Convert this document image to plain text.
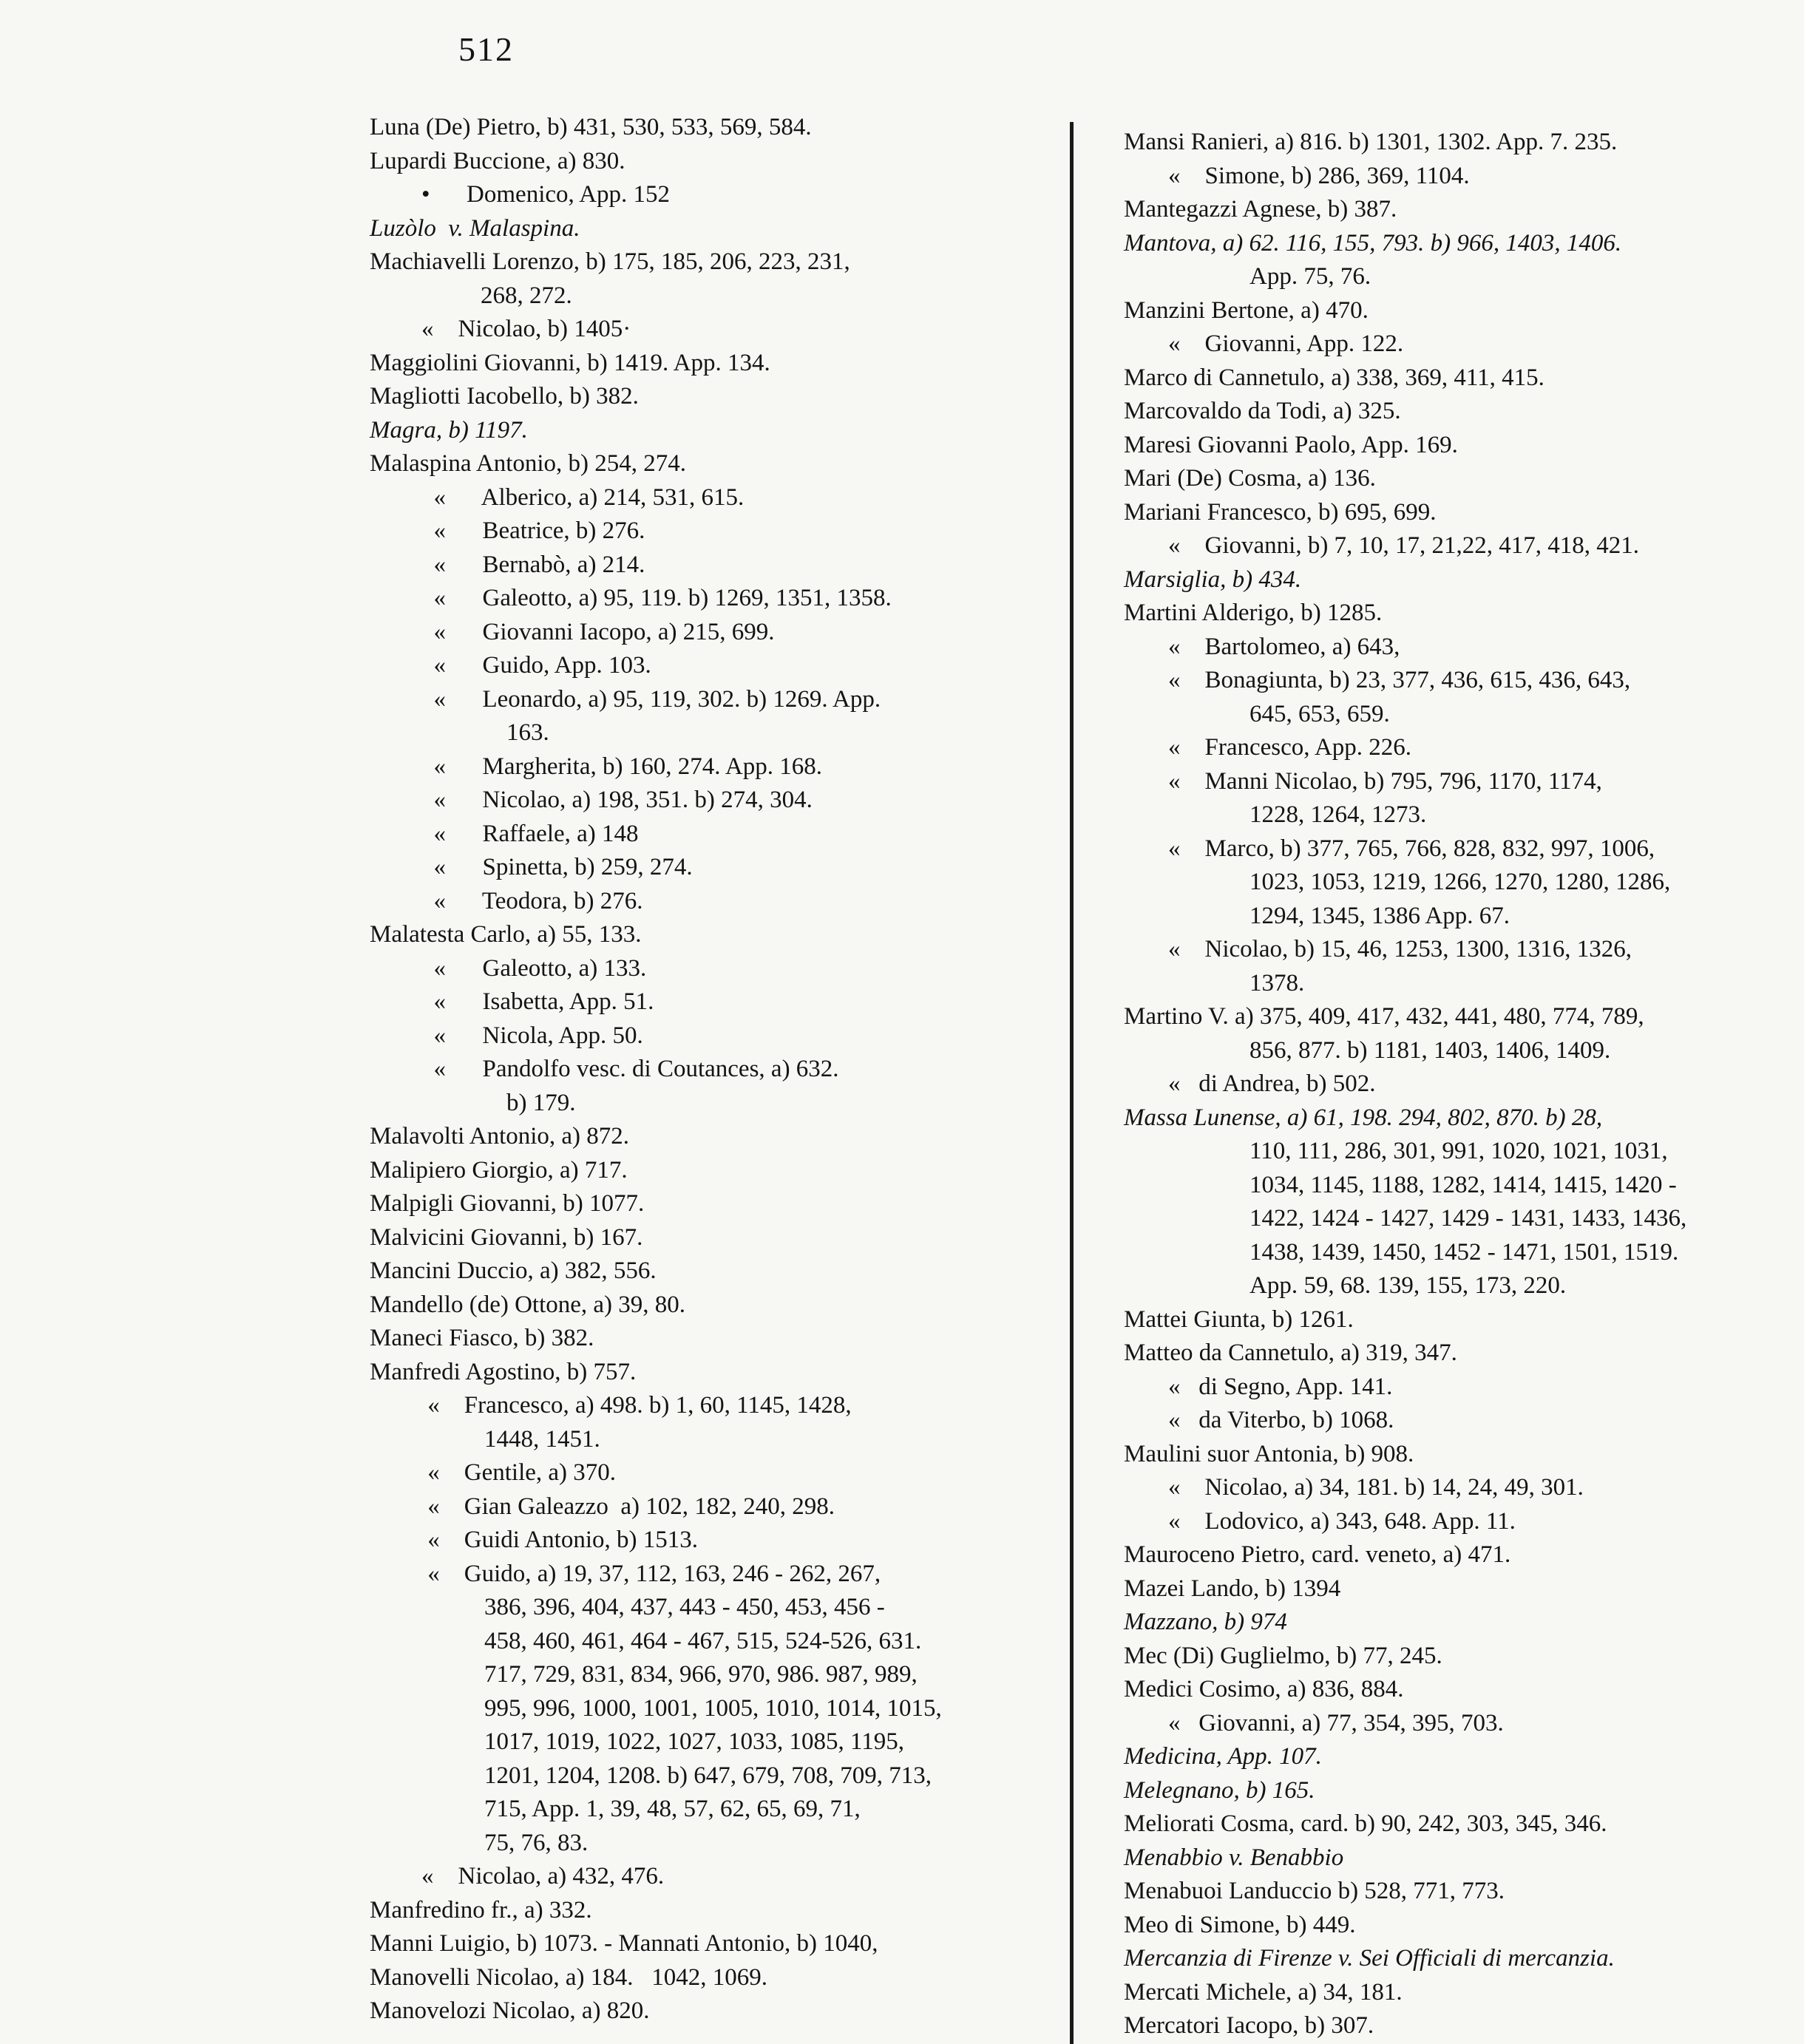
512
Luna (De) Pietro, b) 431, 530, 533, 569, 584.
Lupardi Buccione, a) 830.
•      Domenico, App. 152
Luzòlo  v. Malaspina.
Machiavelli Lorenzo, b) 175, 185, 206, 223, 231,
268, 272.
«    Nicolao, b) 1405·
Maggiolini Giovanni, b) 1419. App. 134.
Magliotti Iacobello, b) 382.
Magra, b) 1197.
Malaspina Antonio, b) 254, 274.
«      Alberico, a) 214, 531, 615.
«      Beatrice, b) 276.
«      Bernabò, a) 214.
«      Galeotto, a) 95, 119. b) 1269, 1351, 1358.
«      Giovanni Iacopo, a) 215, 699.
«      Guido, App. 103.
«      Leonardo, a) 95, 119, 302. b) 1269. App.
163.
«      Margherita, b) 160, 274. App. 168.
«      Nicolao, a) 198, 351. b) 274, 304.
«      Raffaele, a) 148
«      Spinetta, b) 259, 274.
«      Teodora, b) 276.
Malatesta Carlo, a) 55, 133.
«      Galeotto, a) 133.
«      Isabetta, App. 51.
«      Nicola, App. 50.
«      Pandolfo vesc. di Coutances, a) 632.
b) 179.
Malavolti Antonio, a) 872.
Malipiero Giorgio, a) 717.
Malpigli Giovanni, b) 1077.
Malvicini Giovanni, b) 167.
Mancini Duccio, a) 382, 556.
Mandello (de) Ottone, a) 39, 80.
Maneci Fiasco, b) 382.
Manfredi Agostino, b) 757.
«    Francesco, a) 498. b) 1, 60, 1145, 1428,
1448, 1451.
«    Gentile, a) 370.
«    Gian Galeazzo  a) 102, 182, 240, 298.
«    Guidi Antonio, b) 1513.
«    Guido, a) 19, 37, 112, 163, 246 - 262, 267,
386, 396, 404, 437, 443 - 450, 453, 456 -
458, 460, 461, 464 - 467, 515, 524-526, 631.
717, 729, 831, 834, 966, 970, 986. 987, 989,
995, 996, 1000, 1001, 1005, 1010, 1014, 1015,
1017, 1019, 1022, 1027, 1033, 1085, 1195,
1201, 1204, 1208. b) 647, 679, 708, 709, 713,
715, App. 1, 39, 48, 57, 62, 65, 69, 71,
75, 76, 83.
«    Nicolao, a) 432, 476.
Manfredino fr., a) 332.
Manni Luigio, b) 1073. - Mannati Antonio, b) 1040,
Manovelli Nicolao, a) 184.   1042, 1069.
Manovelozi Nicolao, a) 820.
Mansi Ranieri, a) 816. b) 1301, 1302. App. 7. 235.
«    Simone, b) 286, 369, 1104.
Mantegazzi Agnese, b) 387.
Mantova, a) 62. 116, 155, 793. b) 966, 1403, 1406.
App. 75, 76.
Manzini Bertone, a) 470.
«    Giovanni, App. 122.
Marco di Cannetulo, a) 338, 369, 411, 415.
Marcovaldo da Todi, a) 325.
Maresi Giovanni Paolo, App. 169.
Mari (De) Cosma, a) 136.
Mariani Francesco, b) 695, 699.
«    Giovanni, b) 7, 10, 17, 21,22, 417, 418, 421.
Marsiglia, b) 434.
Martini Alderigo, b) 1285.
«    Bartolomeo, a) 643,
«    Bonagiunta, b) 23, 377, 436, 615, 436, 643,
645, 653, 659.
«    Francesco, App. 226.
«    Manni Nicolao, b) 795, 796, 1170, 1174,
1228, 1264, 1273.
«    Marco, b) 377, 765, 766, 828, 832, 997, 1006,
1023, 1053, 1219, 1266, 1270, 1280, 1286,
1294, 1345, 1386 App. 67.
«    Nicolao, b) 15, 46, 1253, 1300, 1316, 1326,
1378.
Martino V. a) 375, 409, 417, 432, 441, 480, 774, 789,
856, 877. b) 1181, 1403, 1406, 1409.
«   di Andrea, b) 502.
Massa Lunense, a) 61, 198. 294, 802, 870. b) 28,
110, 111, 286, 301, 991, 1020, 1021, 1031,
1034, 1145, 1188, 1282, 1414, 1415, 1420 -
1422, 1424 - 1427, 1429 - 1431, 1433, 1436,
1438, 1439, 1450, 1452 - 1471, 1501, 1519.
App. 59, 68. 139, 155, 173, 220.
Mattei Giunta, b) 1261.
Matteo da Cannetulo, a) 319, 347.
«   di Segno, App. 141.
«   da Viterbo, b) 1068.
Maulini suor Antonia, b) 908.
«    Nicolao, a) 34, 181. b) 14, 24, 49, 301.
«    Lodovico, a) 343, 648. App. 11.
Mauroceno Pietro, card. veneto, a) 471.
Mazei Lando, b) 1394
Mazzano, b) 974
Mec (Di) Guglielmo, b) 77, 245.
Medici Cosimo, a) 836, 884.
«   Giovanni, a) 77, 354, 395, 703.
Medicina, App. 107.
Melegnano, b) 165.
Meliorati Cosma, card. b) 90, 242, 303, 345, 346.
Menabbio v. Benabbio
Menabuoi Landuccio b) 528, 771, 773.
Meo di Simone, b) 449.
Mercanzia di Firenze v. Sei Officiali di mercanzia.
Mercati Michele, a) 34, 181.
Mercatori Iacopo, b) 307.
